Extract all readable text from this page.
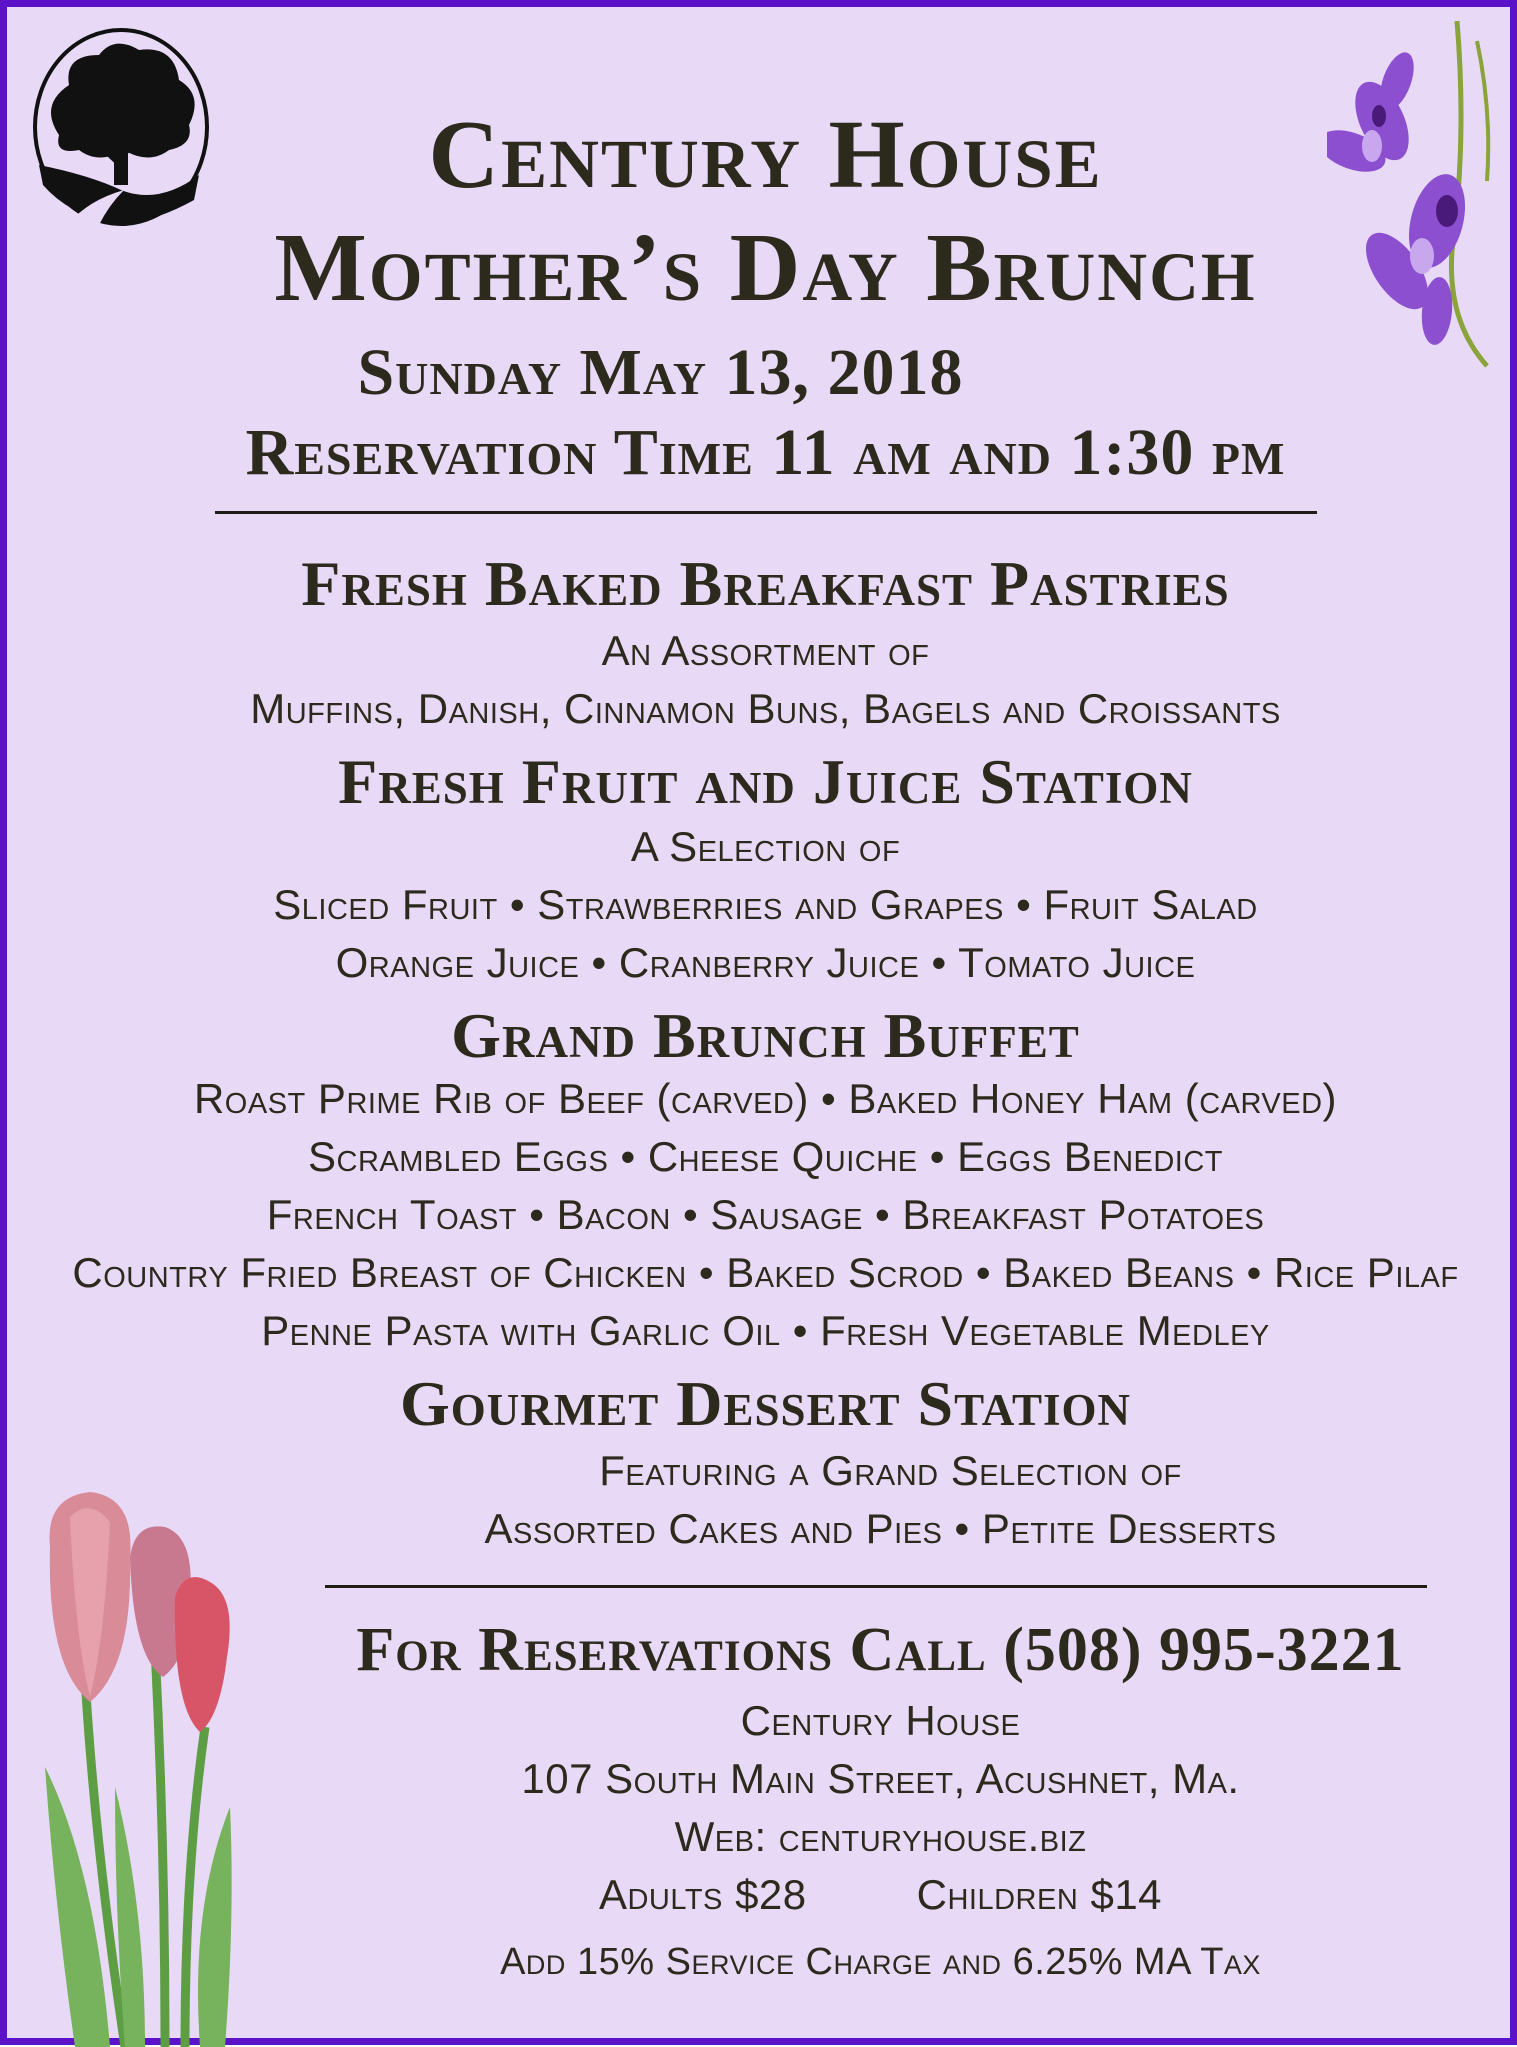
Century House
Mother’s Day Brunch
Sunday May 13, 2018
Reservation Time 11 am and 1:30 pm
Fresh Baked Breakfast Pastries
An Assortment of
Muffins, Danish, Cinnamon Buns, Bagels and Croissants
Fresh Fruit and Juice Station
A Selection of
Sliced Fruit • Strawberries and Grapes • Fruit Salad
Orange Juice • Cranberry Juice • Tomato Juice
Grand Brunch Buffet
Roast Prime Rib of Beef (carved) • Baked Honey Ham (carved)
Scrambled Eggs • Cheese Quiche • Eggs Benedict
French Toast • Bacon • Sausage • Breakfast Potatoes
Country Fried Breast of Chicken • Baked Scrod • Baked Beans • Rice Pilaf
Penne Pasta with Garlic Oil • Fresh Vegetable Medley
Gourmet Dessert Station
Featuring a Grand Selection of
Assorted Cakes and Pies • Petite Desserts
For Reservations Call (508) 995-3221
Century House
107 South Main Street, Acushnet, Ma.
Web: centuryhouse.biz
Adults $28	Children $14
Add 15% Service Charge and 6.25% MA Tax
